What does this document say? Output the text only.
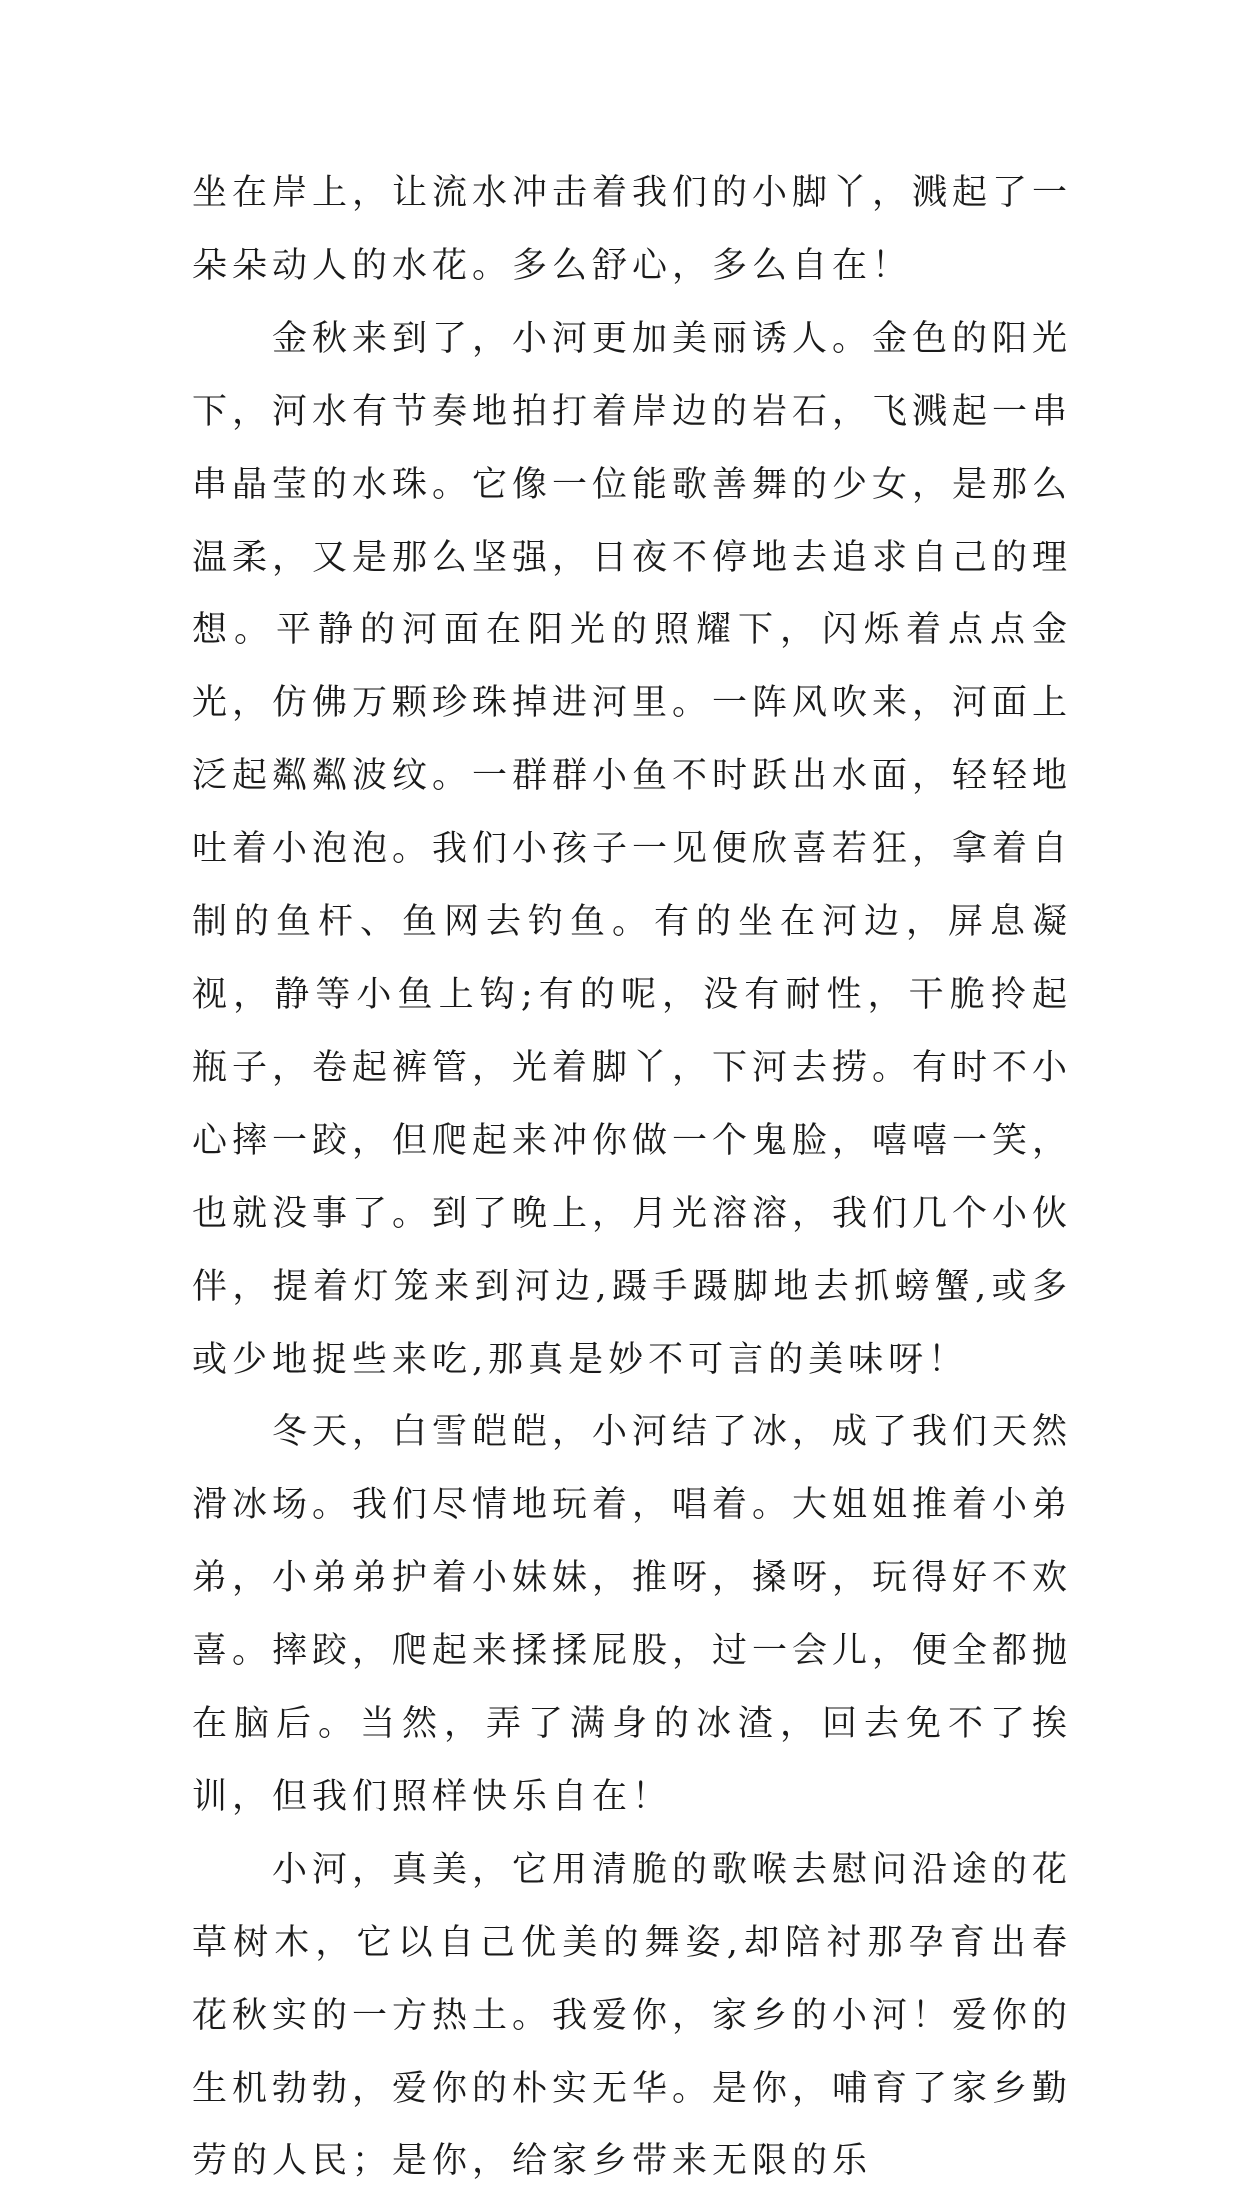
坐在岸上，让流水冲击着我们的小脚丫，溅起了一朵朵动人的水花。多么舒心，多么自在！

金秋来到了，小河更加美丽诱人。金色的阳光下，河水有节奏地拍打着岸边的岩石，飞溅起一串串晶莹的水珠。它像一位能歌善舞的少女，是那么温柔，又是那么坚强，日夜不停地去追求自己的理想。平静的河面在阳光的照耀下，闪烁着点点金光，仿佛万颗珍珠掉进河里。一阵风吹来，河面上泛起粼粼波纹。一群群小鱼不时跃出水面，轻轻地吐着小泡泡。我们小孩子一见便欣喜若狂，拿着自制的鱼杆、鱼网去钓鱼。有的坐在河边，屏息凝视，静等小鱼上钩;有的呢，没有耐性，干脆拎起瓶子，卷起裤管，光着脚丫，下河去捞。有时不小心摔一跤，但爬起来冲你做一个鬼脸，嘻嘻一笑，也就没事了。到了晚上，月光溶溶，我们几个小伙伴，提着灯笼来到河边,蹑手蹑脚地去抓螃蟹,或多或少地捉些来吃,那真是妙不可言的美味呀！

冬天，白雪皑皑，小河结了冰，成了我们天然滑冰场。我们尽情地玩着，唱着。大姐姐推着小弟弟，小弟弟护着小妹妹，推呀，搡呀，玩得好不欢喜。摔跤，爬起来揉揉屁股，过一会儿，便全都抛在脑后。当然，弄了满身的冰渣，回去免不了挨训，但我们照样快乐自在！

小河，真美，它用清脆的歌喉去慰问沿途的花草树木，它以自己优美的舞姿,却陪衬那孕育出春花秋实的一方热土。我爱你，家乡的小河！爱你的生机勃勃，爱你的朴实无华。是你，哺育了家乡勤劳的人民；是你，给家乡带来无限的乐
